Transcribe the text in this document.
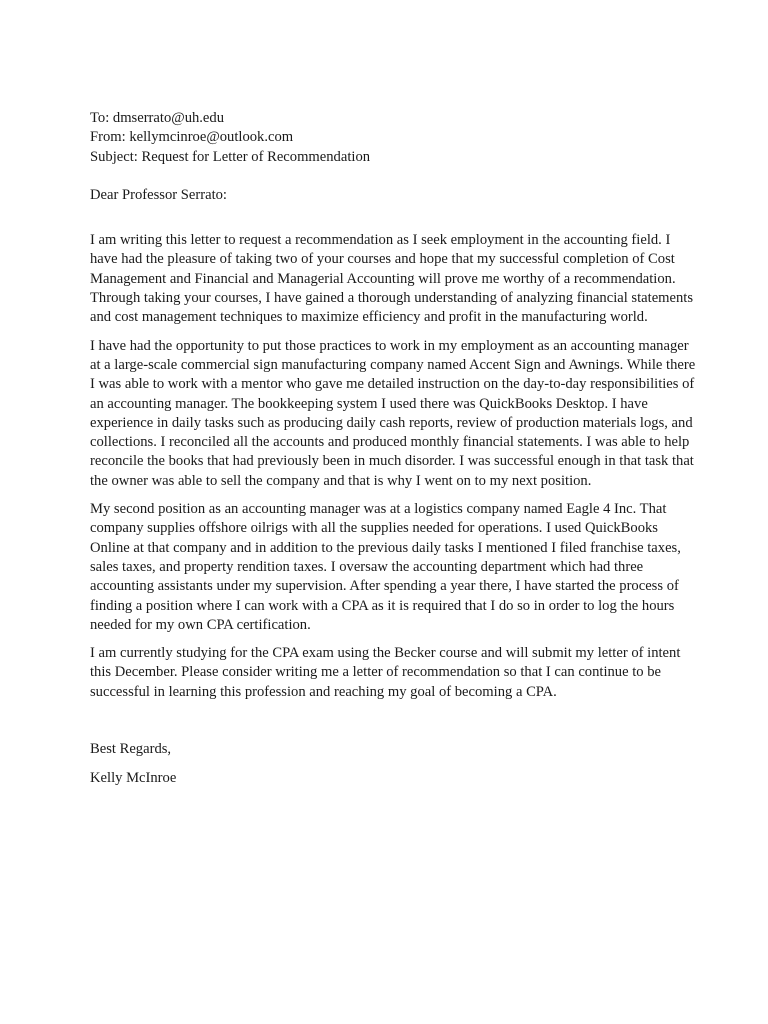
To: dmserrato@uh.edu
From: kellymcinroe@outlook.com
Subject: Request for Letter of Recommendation
Dear Professor Serrato:

I am writing this letter to request a recommendation as I seek employment in the accounting field. I have had the pleasure of taking two of your courses and hope that my successful completion of Cost Management and Financial and Managerial Accounting will prove me worthy of a recommendation. Through taking your courses, I have gained a thorough understanding of analyzing financial statements and cost management techniques to maximize efficiency and profit in the manufacturing world.

I have had the opportunity to put those practices to work in my employment as an accounting manager at a large-scale commercial sign manufacturing company named Accent Sign and Awnings. While there I was able to work with a mentor who gave me detailed instruction on the day-to-day responsibilities of an accounting manager. The bookkeeping system I used there was QuickBooks Desktop. I have experience in daily tasks such as producing daily cash reports, review of production materials logs, and collections. I reconciled all the accounts and produced monthly financial statements. I was able to help reconcile the books that had previously been in much disorder. I was successful enough in that task that the owner was able to sell the company and that is why I went on to my next position.

My second position as an accounting manager was at a logistics company named Eagle 4 Inc. That company supplies offshore oilrigs with all the supplies needed for operations. I used QuickBooks Online at that company and in addition to the previous daily tasks I mentioned I filed franchise taxes, sales taxes, and property rendition taxes. I oversaw the accounting department which had three accounting assistants under my supervision. After spending a year there, I have started the process of finding a position where I can work with a CPA as it is required that I do so in order to log the hours needed for my own CPA certification.

I am currently studying for the CPA exam using the Becker course and will submit my letter of intent this December. Please consider writing me a letter of recommendation so that I can continue to be successful in learning this profession and reaching my goal of becoming a CPA.

Best Regards,
Kelly McInroe
